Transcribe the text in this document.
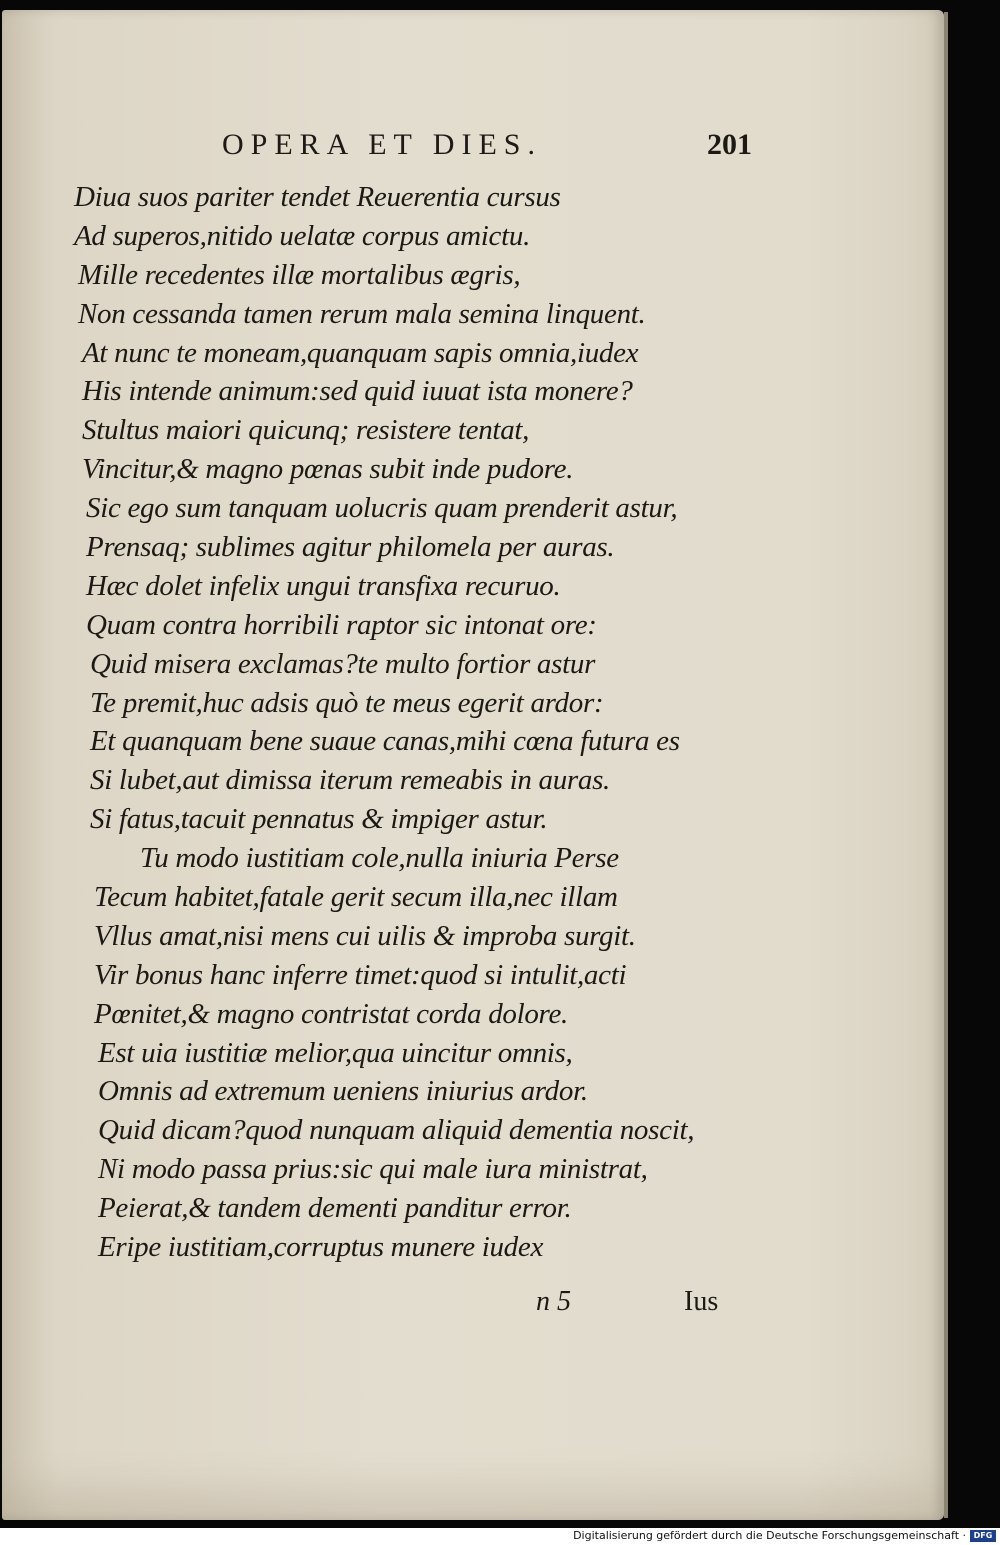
OPERA ET DIES.	201
Diua suos pariter tendet Reuerentia cursus
Ad superos,nitido uelatæ corpus amictu.
Mille recedentes illæ mortalibus ægris,
Non cessanda tamen rerum mala semina linquent.
At nunc te moneam,quanquam sapis omnia,iudex
His intende animum:sed quid iuuat ista monere?
Stultus maiori quicunq; resistere tentat,
Vincitur,& magno pœnas subit inde pudore.
Sic ego sum tanquam uolucris quam prenderit astur,
Prensaq; sublimes agitur philomela per auras.
Hæc dolet infelix ungui transfixa recuruo.
Quam contra horribili raptor sic intonat ore:
Quid misera exclamas?te multo fortior astur
Te premit,huc adsis quò te meus egerit ardor:
Et quanquam bene suaue canas,mihi cœna futura es
Si lubet,aut dimissa iterum remeabis in auras.
Si fatus,tacuit pennatus & impiger astur.
Tu modo iustitiam cole,nulla iniuria Perse
Tecum habitet,fatale gerit secum illa,nec illam
Vllus amat,nisi mens cui uilis & improba surgit.
Vir bonus hanc inferre timet:quod si intulit,acti
Pœnitet,& magno contristat corda dolore.
Est uia iustitiæ melior,qua uincitur omnis,
Omnis ad extremum ueniens iniurius ardor.
Quid dicam?quod nunquam aliquid dementia noscit,
Ni modo passa prius:sic qui male iura ministrat,
Peierat,& tandem dementi panditur error.
Eripe iustitiam,corruptus munere iudex
n 5	Ius
Digitalisierung gefördert durch die Deutsche Forschungsgemeinschaft · DFG
